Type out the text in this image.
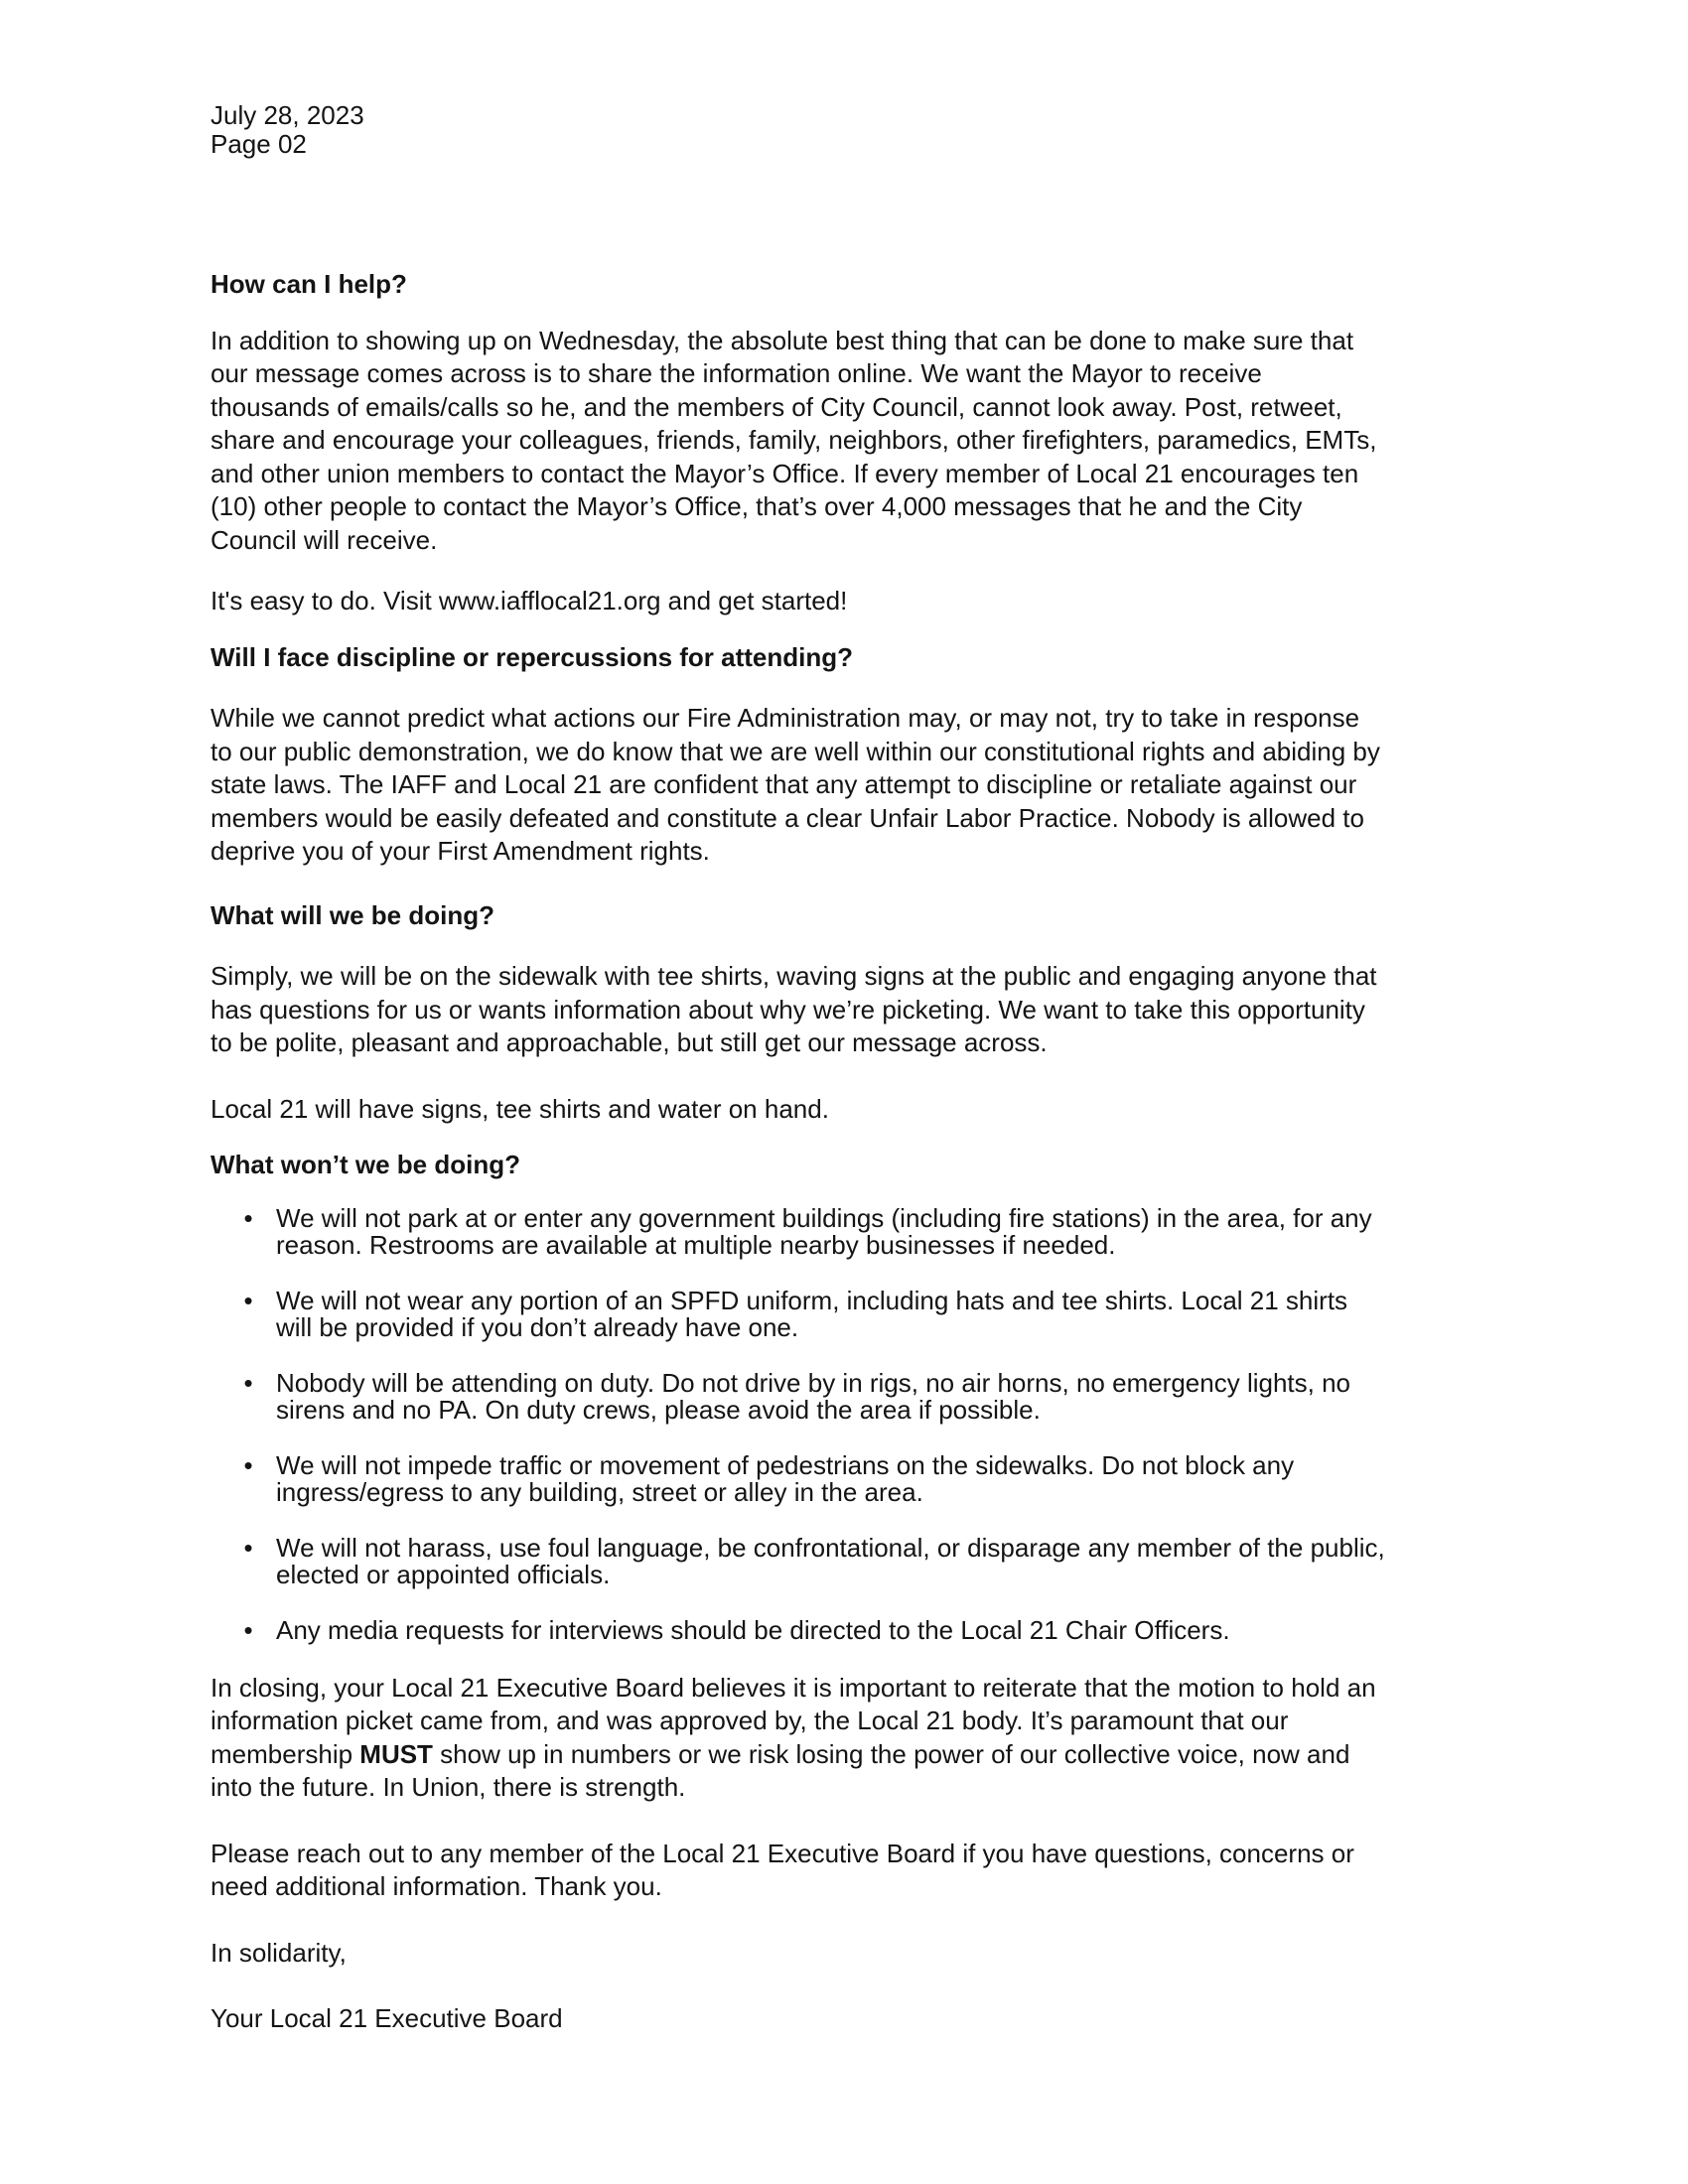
July 28, 2023
Page 02
How can I help?

In addition to showing up on Wednesday, the absolute best thing that can be done to make sure that
our message comes across is to share the information online. We want the Mayor to receive
thousands of emails/calls so he, and the members of City Council, cannot look away. Post, retweet,
share and encourage your colleagues, friends, family, neighbors, other firefighters, paramedics, EMTs,
and other union members to contact the Mayor’s Office. If every member of Local 21 encourages ten
(10) other people to contact the Mayor’s Office, that’s over 4,000 messages that he and the City
Council will receive.

It's easy to do. Visit www.iafflocal21.org and get started!

Will I face discipline or repercussions for attending?

While we cannot predict what actions our Fire Administration may, or may not, try to take in response
to our public demonstration, we do know that we are well within our constitutional rights and abiding by
state laws. The IAFF and Local 21 are confident that any attempt to discipline or retaliate against our
members would be easily defeated and constitute a clear Unfair Labor Practice. Nobody is allowed to
deprive you of your First Amendment rights.

What will we be doing?

Simply, we will be on the sidewalk with tee shirts, waving signs at the public and engaging anyone that
has questions for us or wants information about why we’re picketing. We want to take this opportunity
to be polite, pleasant and approachable, but still get our message across.

Local 21 will have signs, tee shirts and water on hand.

What won’t we be doing?
• We will not park at or enter any government buildings (including fire stations) in the area, for any
reason. Restrooms are available at multiple nearby businesses if needed.
• We will not wear any portion of an SPFD uniform, including hats and tee shirts. Local 21 shirts
will be provided if you don’t already have one.
• Nobody will be attending on duty. Do not drive by in rigs, no air horns, no emergency lights, no
sirens and no PA. On duty crews, please avoid the area if possible.
• We will not impede traffic or movement of pedestrians on the sidewalks. Do not block any
ingress/egress to any building, street or alley in the area.
• We will not harass, use foul language, be confrontational, or disparage any member of the public,
elected or appointed officials.
• Any media requests for interviews should be directed to the Local 21 Chair Officers.

In closing, your Local 21 Executive Board believes it is important to reiterate that the motion to hold an
information picket came from, and was approved by, the Local 21 body. It’s paramount that our
membership MUST show up in numbers or we risk losing the power of our collective voice, now and
into the future. In Union, there is strength.

Please reach out to any member of the Local 21 Executive Board if you have questions, concerns or
need additional information. Thank you.

In solidarity,

Your Local 21 Executive Board
